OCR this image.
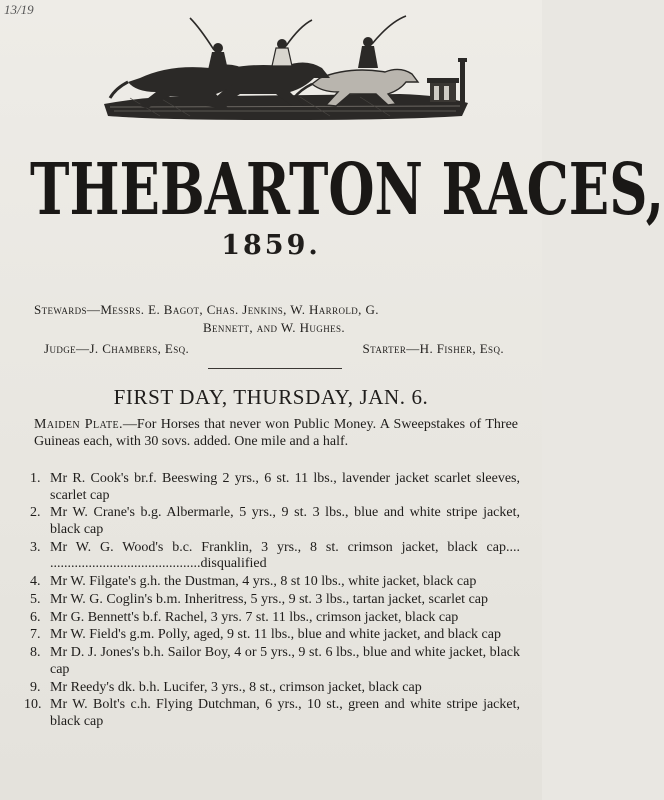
13/19
THEBARTON RACES,
1859.
Stewards—Messrs. E. Bagot, Chas. Jenkins, W. Harrold, G.
Bennett, and W. Hughes.
Judge—J. Chambers, Esq.	Starter—H. Fisher, Esq.
FIRST DAY, THURSDAY, JAN. 6.
Maiden Plate.—For Horses that never won Public Money. A Sweepstakes of Three Guineas each, with 30 sovs. added. One mile and a half.
1. Mr R. Cook's br.f. Beeswing 2 yrs., 6 st. 11 lbs., lavender jacket scarlet sleeves, scarlet cap
2. Mr W. Crane's b.g. Albermarle, 5 yrs., 9 st. 3 lbs., blue and white stripe jacket, black cap
3. Mr W. G. Wood's b.c. Franklin, 3 yrs., 8 st. crimson jacket, black cap.... ...........................................disqualified
4. Mr W. Filgate's g.h. the Dustman, 4 yrs., 8 st 10 lbs., white jacket, black cap
5. Mr W. G. Coglin's b.m. Inheritress, 5 yrs., 9 st. 3 lbs., tartan jacket, scarlet cap
6. Mr G. Bennett's b.f. Rachel, 3 yrs. 7 st. 11 lbs., crimson jacket, black cap
7. Mr W. Field's g.m. Polly, aged, 9 st. 11 lbs., blue and white jacket, and black cap
8. Mr D. J. Jones's b.h. Sailor Boy, 4 or 5 yrs., 9 st. 6 lbs., blue and white jacket, black cap
9. Mr Reedy's dk. b.h. Lucifer, 3 yrs., 8 st., crimson jacket, black cap
10. Mr W. Bolt's c.h. Flying Dutchman, 6 yrs., 10 st., green and white stripe jacket, black cap
